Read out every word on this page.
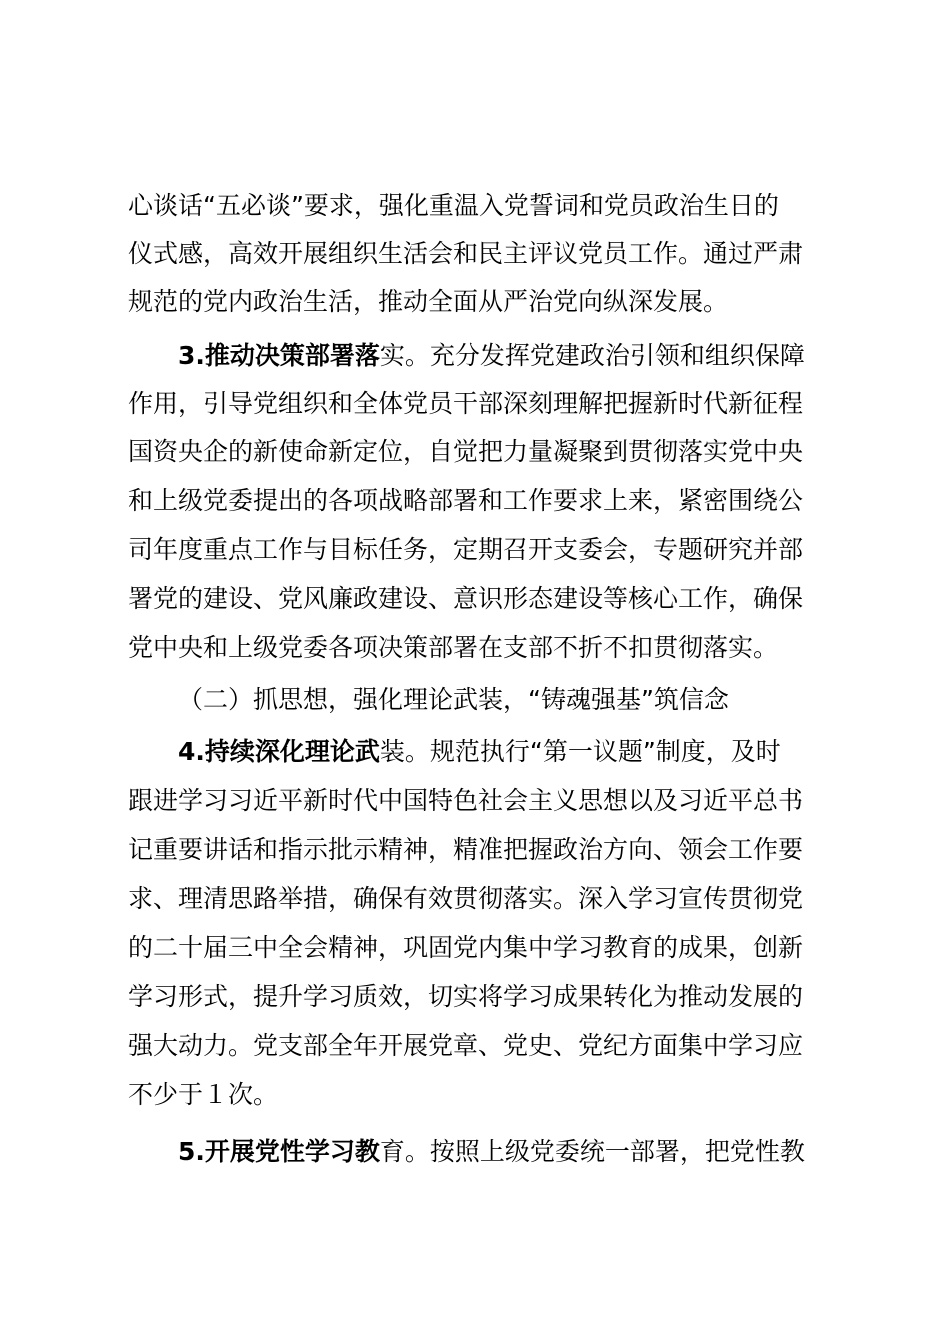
心谈话“五必谈”要求，强化重温入党誓词和党员政治生日的
仪式感，高效开展组织生活会和民主评议党员工作。通过严肃
规范的党内政治生活，推动全面从严治党向纵深发展。
3.推动决策部署落实。充分发挥党建政治引领和组织保障
作用，引导党组织和全体党员干部深刻理解把握新时代新征程
国资央企的新使命新定位，自觉把力量凝聚到贯彻落实党中央
和上级党委提出的各项战略部署和工作要求上来，紧密围绕公
司年度重点工作与目标任务，定期召开支委会，专题研究并部
署党的建设、党风廉政建设、意识形态建设等核心工作，确保
党中央和上级党委各项决策部署在支部不折不扣贯彻落实。
（二）抓思想，强化理论武装，“铸魂强基”筑信念
4.持续深化理论武装。规范执行“第一议题”制度，及时
跟进学习习近平新时代中国特色社会主义思想以及习近平总书
记重要讲话和指示批示精神，精准把握政治方向、领会工作要
求、理清思路举措，确保有效贯彻落实。深入学习宣传贯彻党
的二十届三中全会精神，巩固党内集中学习教育的成果，创新
学习形式，提升学习质效，切实将学习成果转化为推动发展的
强大动力。党支部全年开展党章、党史、党纪方面集中学习应
不少于１次。
5.开展党性学习教育。按照上级党委统一部署，把党性教
